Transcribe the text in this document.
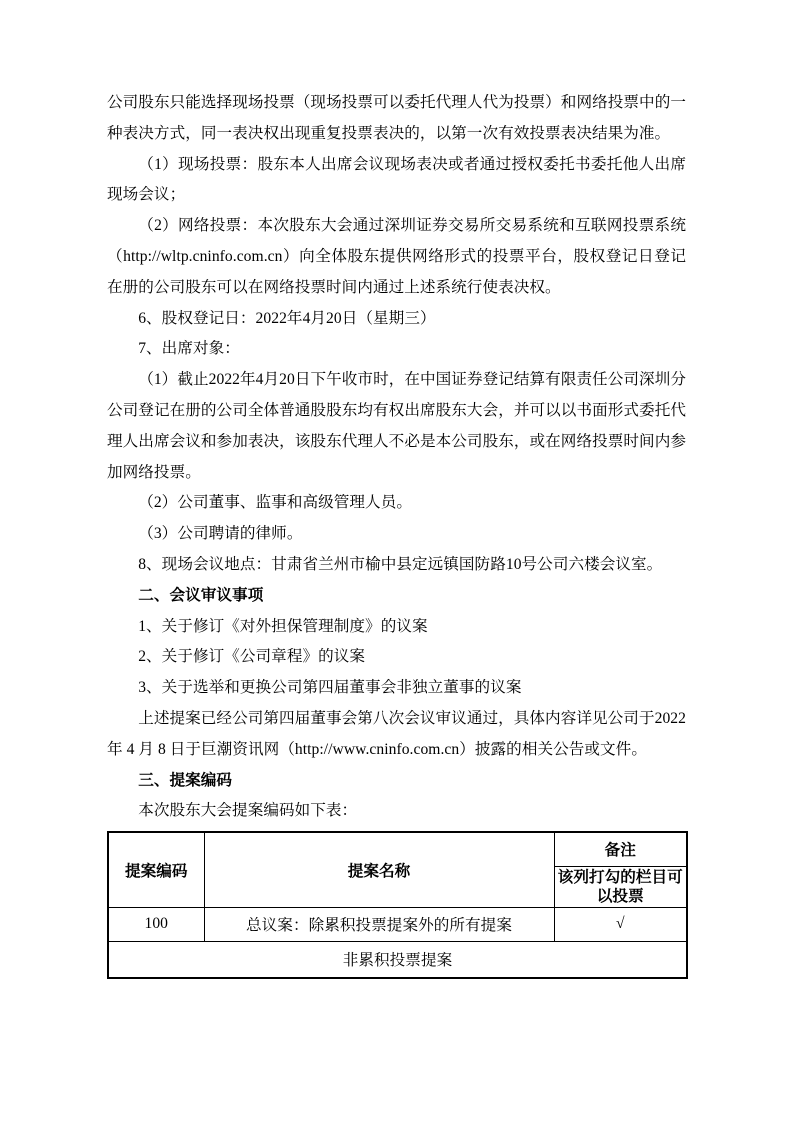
公司股东只能选择现场投票（现场投票可以委托代理人代为投票）和网络投票中的一种表决方式，同一表决权出现重复投票表决的，以第一次有效投票表决结果为准。

（1）现场投票：股东本人出席会议现场表决或者通过授权委托书委托他人出席现场会议；

（2）网络投票：本次股东大会通过深圳证券交易所交易系统和互联网投票系统（http://wltp.cninfo.com.cn）向全体股东提供网络形式的投票平台，股权登记日登记在册的公司股东可以在网络投票时间内通过上述系统行使表决权。

6、股权登记日：2022年4月20日（星期三）

7、出席对象：

（1）截止2022年4月20日下午收市时，在中国证券登记结算有限责任公司深圳分公司登记在册的公司全体普通股股东均有权出席股东大会，并可以以书面形式委托代理人出席会议和参加表决，该股东代理人不必是本公司股东，或在网络投票时间内参加网络投票。

（2）公司董事、监事和高级管理人员。

（3）公司聘请的律师。

8、现场会议地点：甘肃省兰州市榆中县定远镇国防路10号公司六楼会议室。

二、会议审议事项

1、关于修订《对外担保管理制度》的议案

2、关于修订《公司章程》的议案

3、关于选举和更换公司第四届董事会非独立董事的议案

上述提案已经公司第四届董事会第八次会议审议通过，具体内容详见公司于2022 年 4 月 8 日于巨潮资讯网（http://www.cninfo.com.cn）披露的相关公告或文件。

三、提案编码

本次股东大会提案编码如下表：

提案编码	提案名称	备注
		该列打勾的栏目可以投票
100	总议案：除累积投票提案外的所有提案	√
非累积投票提案		
